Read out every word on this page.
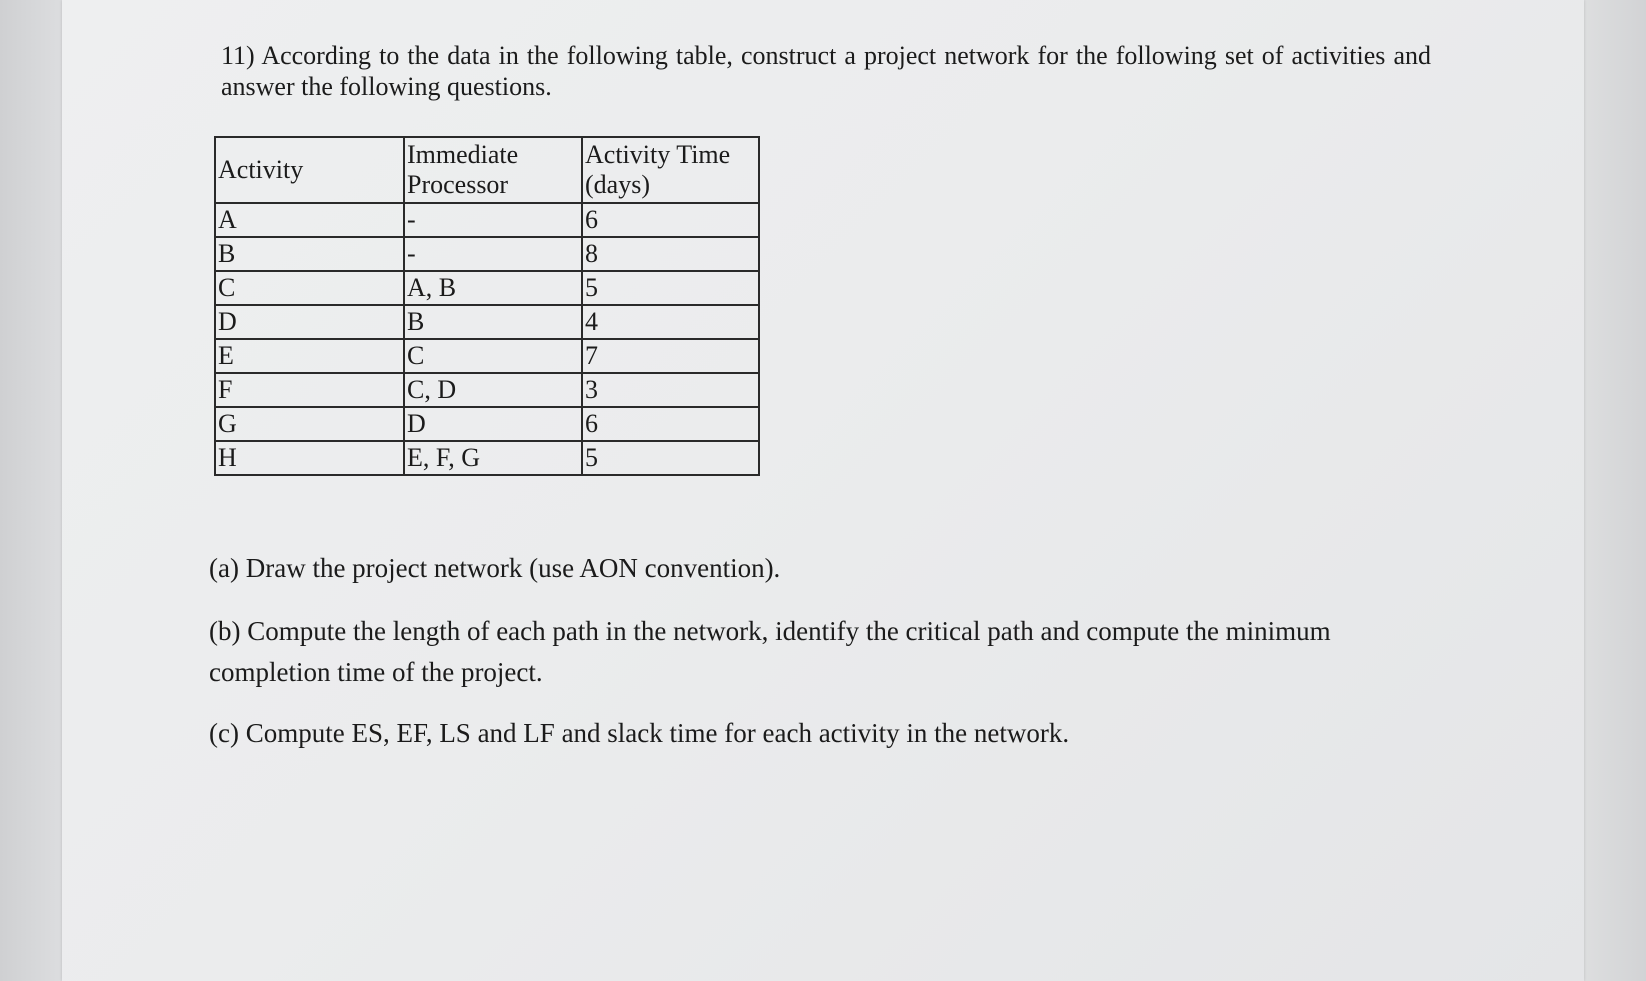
11) According to the data in the following table, construct a project network for the following set of activities and answer the following questions.

Activity	Immediate Processor	Activity Time (days)
A	-	6
B	-	8
C	A, B	5
D	B	4
E	C	7
F	C, D	3
G	D	6
H	E, F, G	5

(a) Draw the project network (use AON convention).

(b) Compute the length of each path in the network, identify the critical path and compute the minimum completion time of the project.

(c) Compute ES, EF, LS and LF and slack time for each activity in the network.
